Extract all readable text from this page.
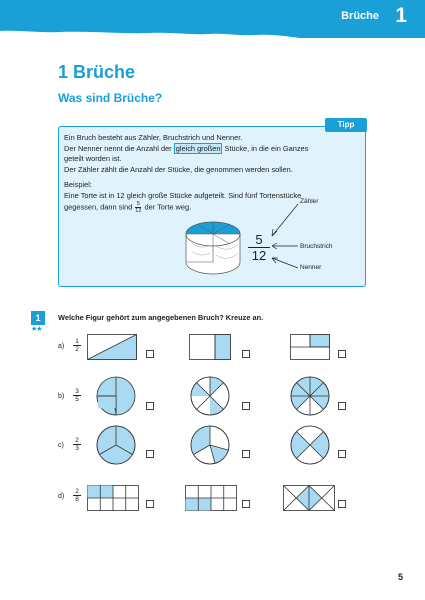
Brüche 1
1 Brüche
Was sind Brüche?
Tipp

Ein Bruch besteht aus Zähler, Bruchstrich und Nenner.

Der Nenner nennt die Anzahl der gleich großen Stücke, in die ein Ganzes

geteilt worden ist.

Der Zähler zählt die Anzahl der Stücke, die genommen werden sollen.

Beispiel:

Eine Torte ist in 12 gleich große Stücke aufgeteilt. Sind fünf Tortenstücke

gegessen, dann sind $\frac{5}{12}$ der Torte weg.

$\frac{5}{12}$
Zähler
Bruchstrich
Nenner
1
★★
Welche Figur gehört zum angegebenen Bruch? Kreuze an.
$a) \frac{1}{2}$
$b) \frac{3}{5}$
$c) \frac{2}{3}$
$d) \frac{2}{8}$
5
